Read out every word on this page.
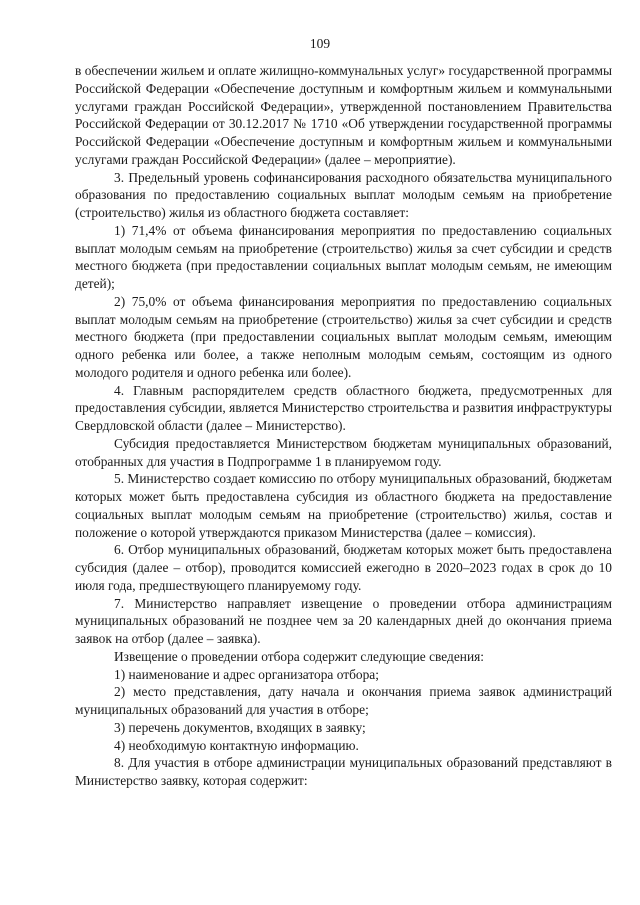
109

в обеспечении жильем и оплате жилищно-коммунальных услуг» государственной программы Российской Федерации «Обеспечение доступным и комфортным жильем и коммунальными услугами граждан Российской Федерации», утвержденной постановлением Правительства Российской Федерации от 30.12.2017 № 1710 «Об утверждении государственной программы Российской Федерации «Обеспечение доступным и комфортным жильем и коммунальными услугами граждан Российской Федерации» (далее – мероприятие).

3. Предельный уровень софинансирования расходного обязательства муниципального образования по предоставлению социальных выплат молодым семьям на приобретение (строительство) жилья из областного бюджета составляет:

1) 71,4% от объема финансирования мероприятия по предоставлению социальных выплат молодым семьям на приобретение (строительство) жилья за счет субсидии и средств местного бюджета (при предоставлении социальных выплат молодым семьям, не имеющим детей);

2) 75,0% от объема финансирования мероприятия по предоставлению социальных выплат молодым семьям на приобретение (строительство) жилья за счет субсидии и средств местного бюджета (при предоставлении социальных выплат молодым семьям, имеющим одного ребенка или более, а также неполным молодым семьям, состоящим из одного молодого родителя и одного ребенка или более).

4. Главным распорядителем средств областного бюджета, предусмотренных для предоставления субсидии, является Министерство строительства и развития инфраструктуры Свердловской области (далее – Министерство).

Субсидия предоставляется Министерством бюджетам муниципальных образований, отобранных для участия в Подпрограмме 1 в планируемом году.

5. Министерство создает комиссию по отбору муниципальных образований, бюджетам которых может быть предоставлена субсидия из областного бюджета на предоставление социальных выплат молодым семьям на приобретение (строительство) жилья, состав и положение о которой утверждаются приказом Министерства (далее – комиссия).

6. Отбор муниципальных образований, бюджетам которых может быть предоставлена субсидия (далее – отбор), проводится комиссией ежегодно в 2020–2023 годах в срок до 10 июля года, предшествующего планируемому году.

7. Министерство направляет извещение о проведении отбора администрациям муниципальных образований не позднее чем за 20 календарных дней до окончания приема заявок на отбор (далее – заявка).

Извещение о проведении отбора содержит следующие сведения:

1) наименование и адрес организатора отбора;

2) место представления, дату начала и окончания приема заявок администраций муниципальных образований для участия в отборе;

3) перечень документов, входящих в заявку;

4) необходимую контактную информацию.

8. Для участия в отборе администрации муниципальных образований представляют в Министерство заявку, которая содержит:
